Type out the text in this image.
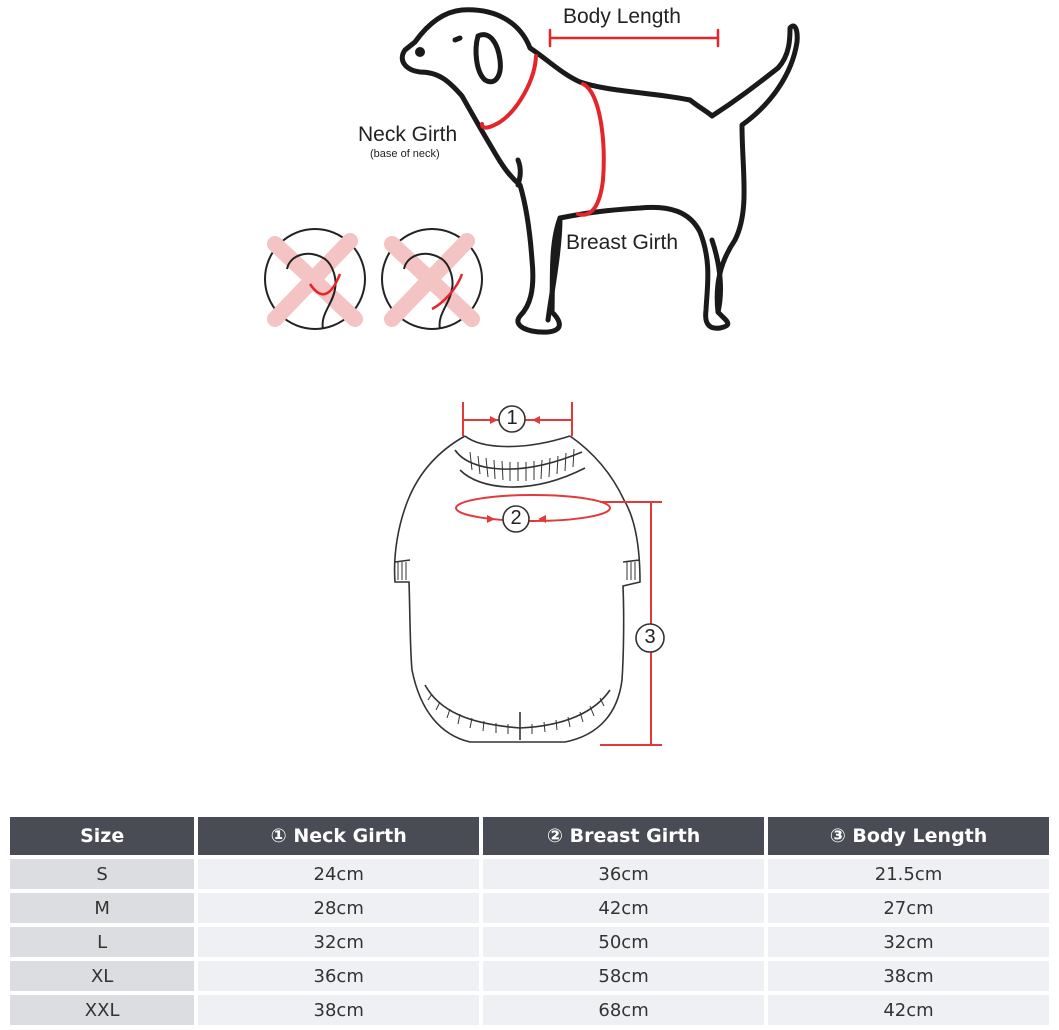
Body Length
Neck Girth
(base of neck)
Breast Girth
1
2
3
Size	① Neck Girth	② Breast Girth	③ Body Length
S	24cm	36cm	21.5cm
M	28cm	42cm	27cm
L	32cm	50cm	32cm
XL	36cm	58cm	38cm
XXL	38cm	68cm	42cm
